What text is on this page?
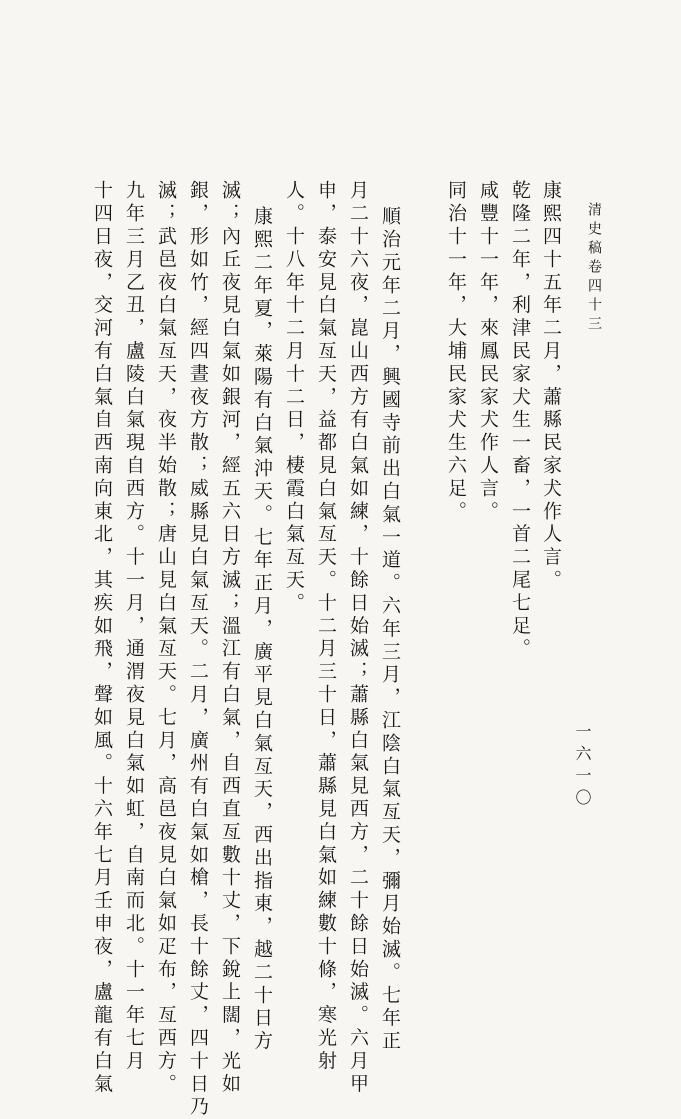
清史稿卷四十三
一六一〇
康熙四十五年二月，蕭縣民家犬作人言。
乾隆二年，利津民家犬生一畜，一首二尾七足。
咸豐十一年，來鳳民家犬作人言。
同治十一年，大埔民家犬生六足。
順治元年二月，興國寺前出白氣一道。六年三月，江陰白氣亙天，彌月始滅。七年正
月二十六夜，崑山西方有白氣如練，十餘日始滅；蕭縣白氣見西方，二十餘日始滅。六月甲
申，泰安見白氣亙天，益都見白氣亙天。十二月三十日，蕭縣見白氣如練數十條，寒光射
人。十八年十二月十二日，棲霞白氣亙天。
康熙二年夏，萊陽有白氣沖天。七年正月，廣平見白氣亙天，西出指東，越二十日方
滅；內丘夜見白氣如銀河，經五六日方滅；溫江有白氣，自西直亙數十丈，下銳上闊，光如
銀，形如竹，經四晝夜方散；威縣見白氣亙天。二月，廣州有白氣如槍，長十餘丈，四十日乃
滅；武邑夜白氣亙天，夜半始散；唐山見白氣亙天。七月，高邑夜見白氣如疋布，亙西方。
九年三月乙丑，盧陵白氣現自西方。十一月，通渭夜見白氣如虹，自南而北。十一年七月
十四日夜，交河有白氣自西南向東北，其疾如飛，聲如風。十六年七月壬申夜，盧龍有白氣
